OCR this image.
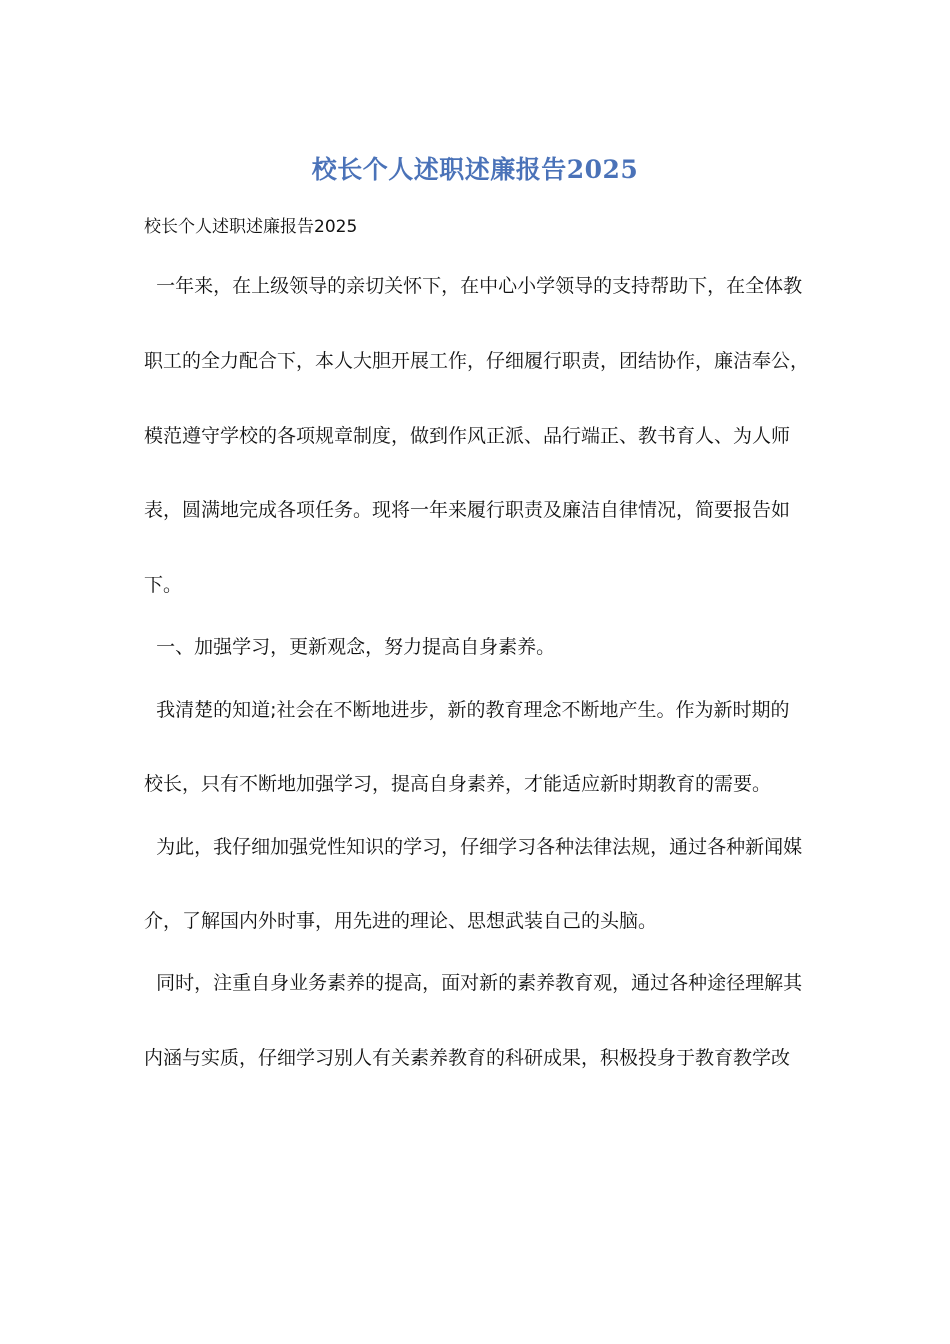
校长个人述职述廉报告2025
校长个人述职述廉报告2025
一年来，在上级领导的亲切关怀下，在中心小学领导的支持帮助下，在全体教
职工的全力配合下，本人大胆开展工作，仔细履行职责，团结协作，廉洁奉公，
模范遵守学校的各项规章制度，做到作风正派、品行端正、教书育人、为人师
表，圆满地完成各项任务。现将一年来履行职责及廉洁自律情况，简要报告如
下。
一、加强学习，更新观念，努力提高自身素养。
我清楚的知道;社会在不断地进步，新的教育理念不断地产生。作为新时期的
校长，只有不断地加强学习，提高自身素养，才能适应新时期教育的需要。
为此，我仔细加强党性知识的学习，仔细学习各种法律法规，通过各种新闻媒
介，了解国内外时事，用先进的理论、思想武装自己的头脑。
同时，注重自身业务素养的提高，面对新的素养教育观，通过各种途径理解其
内涵与实质，仔细学习别人有关素养教育的科研成果，积极投身于教育教学改
